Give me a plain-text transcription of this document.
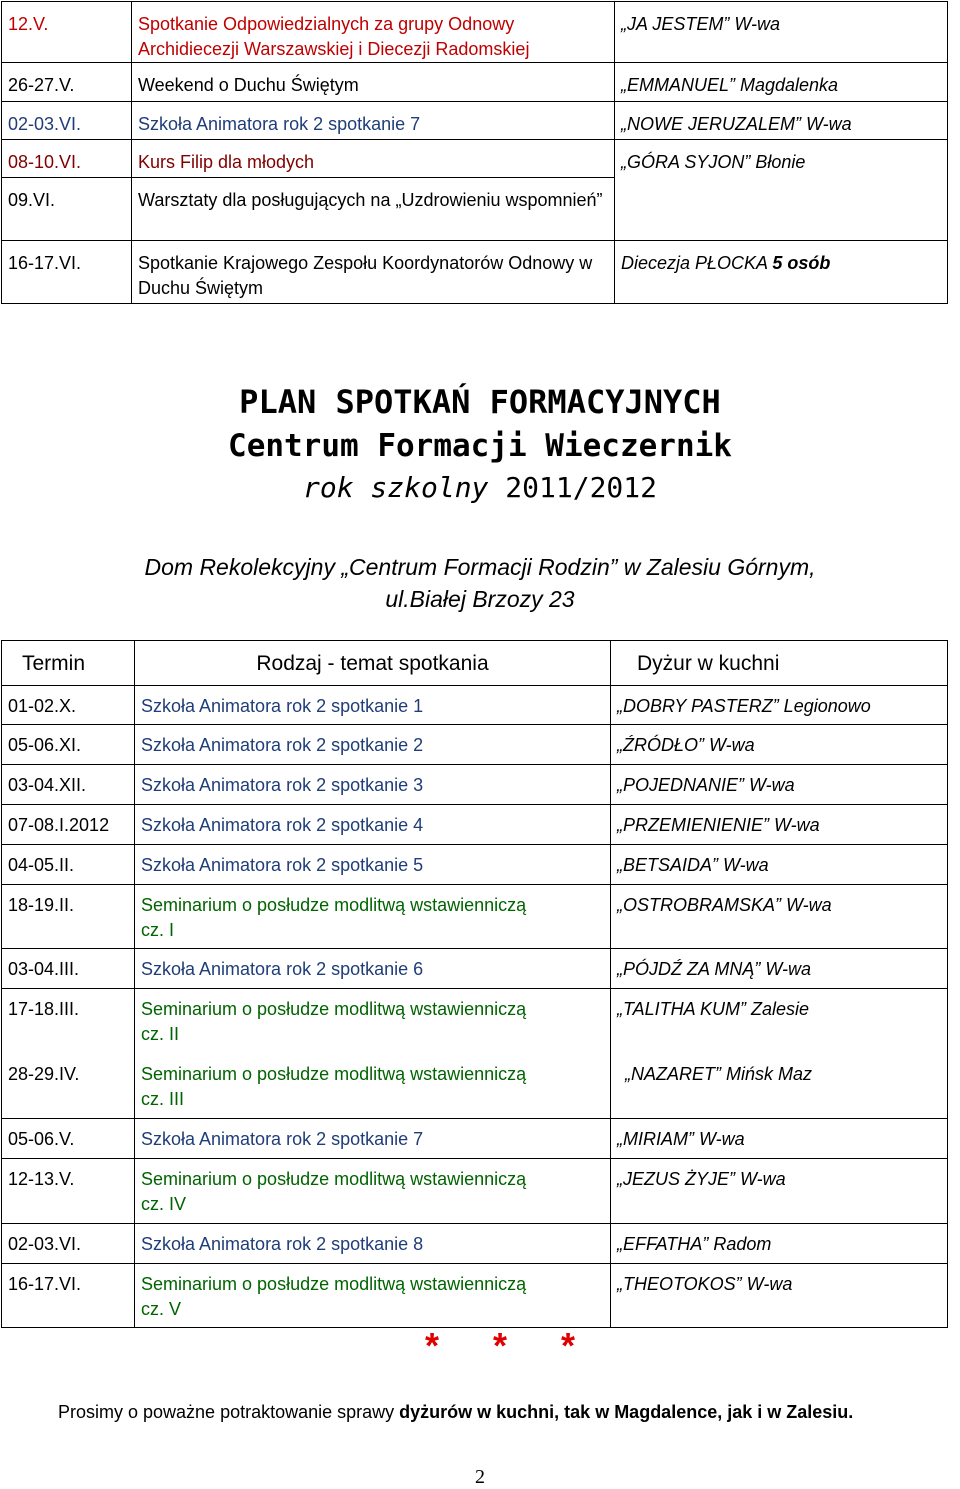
12.V.	Spotkanie Odpowiedzialnych za grupy Odnowy Archidiecezji Warszawskiej i Diecezji Radomskiej	„JA JESTEM” W-wa
26-27.V.	Weekend o Duchu Świętym	„EMMANUEL” Magdalenka
02-03.VI.	Szkoła Animatora rok 2 spotkanie 7	„NOWE JERUZALEM” W-wa
08-10.VI.	Kurs Filip dla młodych	„GÓRA SYJON” Błonie
09.VI.	Warsztaty dla posługujących na „Uzdrowieniu wspomnień”	
16-17.VI.	Spotkanie Krajowego Zespołu Koordynatorów Odnowy w Duchu Świętym	Diecezja PŁOCKA 5 osób
PLAN SPOTKAŃ FORMACYJNYCH
Centrum Formacji Wieczernik
rok szkolny 2011/2012
Dom Rekolekcyjny „Centrum Formacji Rodzin” w Zalesiu Górnym,
ul.Białej Brzozy 23
Termin	Rodzaj - temat spotkania	Dyżur w kuchni
01-02.X.	Szkoła Animatora rok 2 spotkanie 1	„DOBRY PASTERZ” Legionowo
05-06.XI.	Szkoła Animatora rok 2 spotkanie 2	„ŹRÓDŁO” W-wa
03-04.XII.	Szkoła Animatora rok 2 spotkanie 3	„POJEDNANIE” W-wa
07-08.I.2012	Szkoła Animatora rok 2 spotkanie 4	„PRZEMIENIENIE” W-wa
04-05.II.	Szkoła Animatora rok 2 spotkanie 5	„BETSAIDA” W-wa
18-19.II.	Seminarium o posłudze modlitwą wstawienniczą cz. I	„OSTROBRAMSKA” W-wa
03-04.III.	Szkoła Animatora rok 2 spotkanie 6	„PÓJDŹ ZA MNĄ” W-wa
17-18.III.	Seminarium o posłudze modlitwą wstawienniczą cz. II	„TALITHA KUM” Zalesie
28-29.IV.	Seminarium o posłudze modlitwą wstawienniczą cz. III	„NAZARET” Mińsk Maz
05-06.V.	Szkoła Animatora rok 2 spotkanie 7	„MIRIAM” W-wa
12-13.V.	Seminarium o posłudze modlitwą wstawienniczą cz. IV	„JEZUS ŻYJE” W-wa
02-03.VI.	Szkoła Animatora rok 2 spotkanie 8	„EFFATHA” Radom
16-17.VI.	Seminarium o posłudze modlitwą wstawienniczą cz. V	„THEOTOKOS” W-wa
* * *
Prosimy o poważne potraktowanie sprawy dyżurów w kuchni, tak w Magdalence, jak i w Zalesiu.
2
